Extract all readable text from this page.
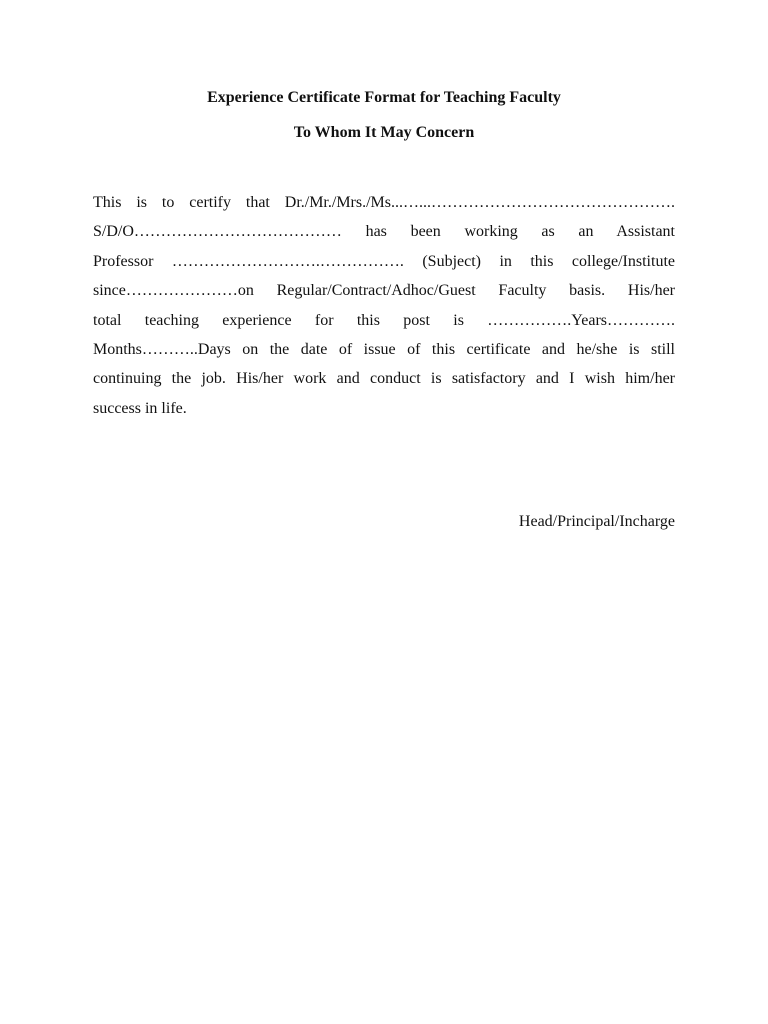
Experience Certificate Format for Teaching Faculty
To Whom It May Concern

This is to certify that Dr./Mr./Mrs./Ms...…...……………………………………….
S/D/O………………………………… has been working as an Assistant
Professor ……………………….……………. (Subject) in this college/Institute
since…………………on Regular/Contract/Adhoc/Guest Faculty basis. His/her
total teaching experience for this post is …………….Years………….
Months………..Days on the date of issue of this certificate and he/she is still
continuing the job. His/her work and conduct is satisfactory and I wish him/her
success in life.

Head/Principal/Incharge
